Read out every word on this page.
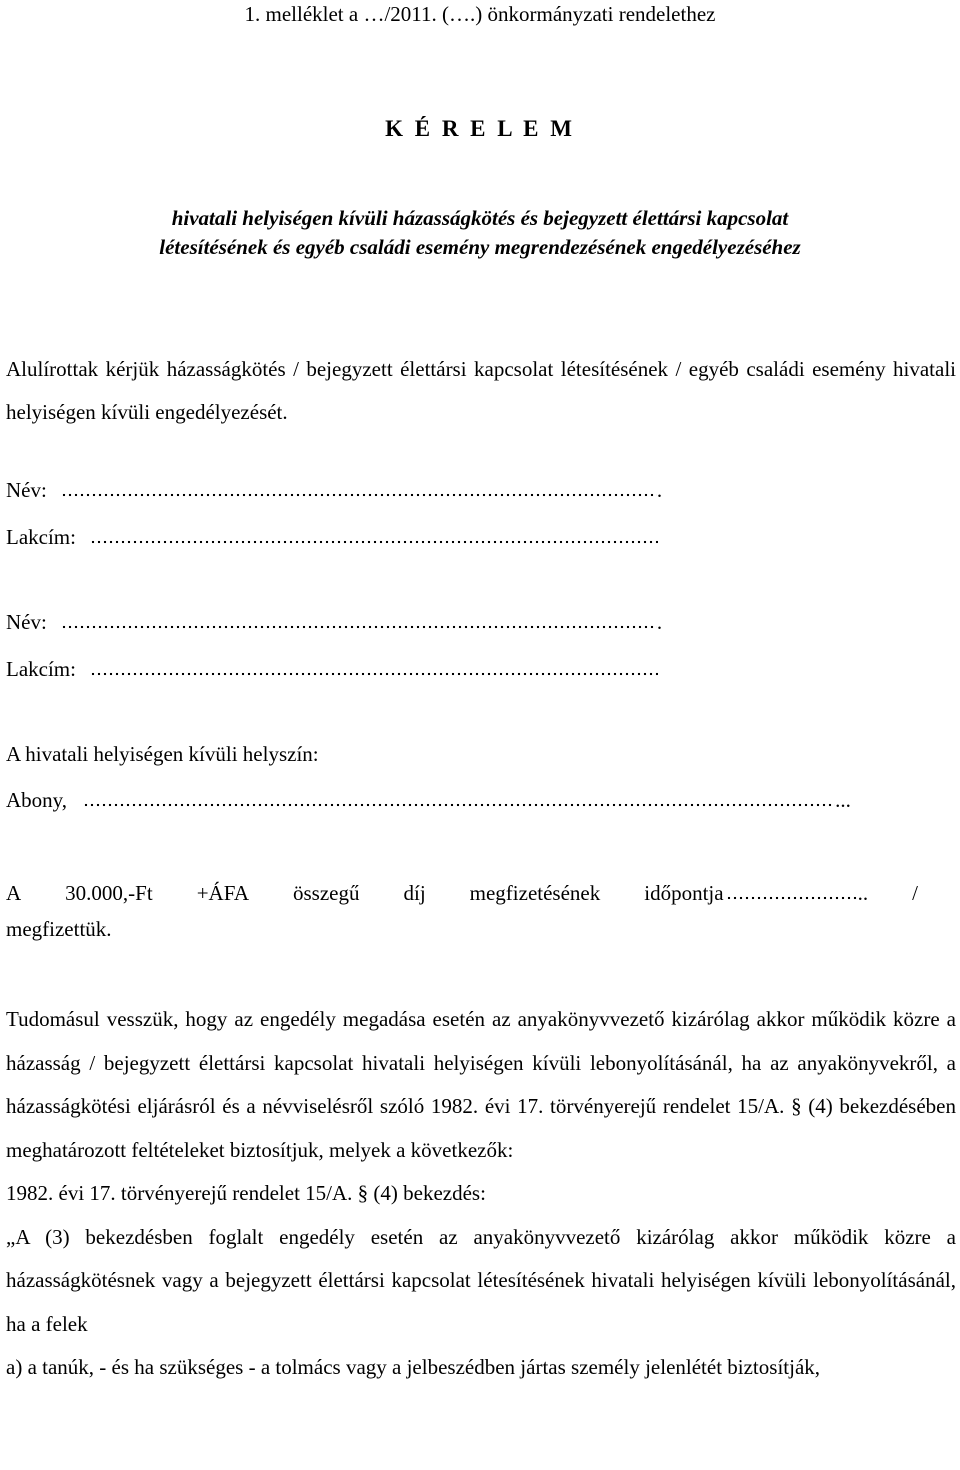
1. melléklet a …/2011. (….) önkormányzati rendelethez
K É R E L E M
hivatali helyiségen kívüli házasságkötés és bejegyzett élettársi kapcsolat
létesítésének és egyéb családi esemény megrendezésének engedélyezéséhez
Alulírottak kérjük házasságkötés / bejegyzett élettársi kapcsolat létesítésének / egyéb családi esemény hivatali helyiségen kívüli engedélyezését.
Név:	.
Lakcím:
Név:	.
Lakcím:
A hivatali helyiségen kívüli helyszín:
Abony,	...
A 30.000,-Ft +ÁFA összegű díj megfizetésének időpontja	.. /
megfizettük.

Tudomásul vesszük, hogy az engedély megadása esetén az anyakönyvvezető kizárólag akkor működik közre a házasság / bejegyzett élettársi kapcsolat hivatali helyiségen kívüli lebonyolításánál, ha az anyakönyvekről, a házasságkötési eljárásról és a névviselésről szóló 1982. évi 17. törvényerejű rendelet 15/A. § (4) bekezdésében meghatározott feltételeket biztosítjuk, melyek a következők:

1982. évi 17. törvényerejű rendelet 15/A. § (4) bekezdés:

„A (3) bekezdésben foglalt engedély esetén az anyakönyvvezető kizárólag akkor működik közre a házasságkötésnek vagy a bejegyzett élettársi kapcsolat létesítésének hivatali helyiségen kívüli lebonyolításánál, ha a felek

a) a tanúk, - és ha szükséges - a tolmács vagy a jelbeszédben jártas személy jelenlétét biztosítják,
